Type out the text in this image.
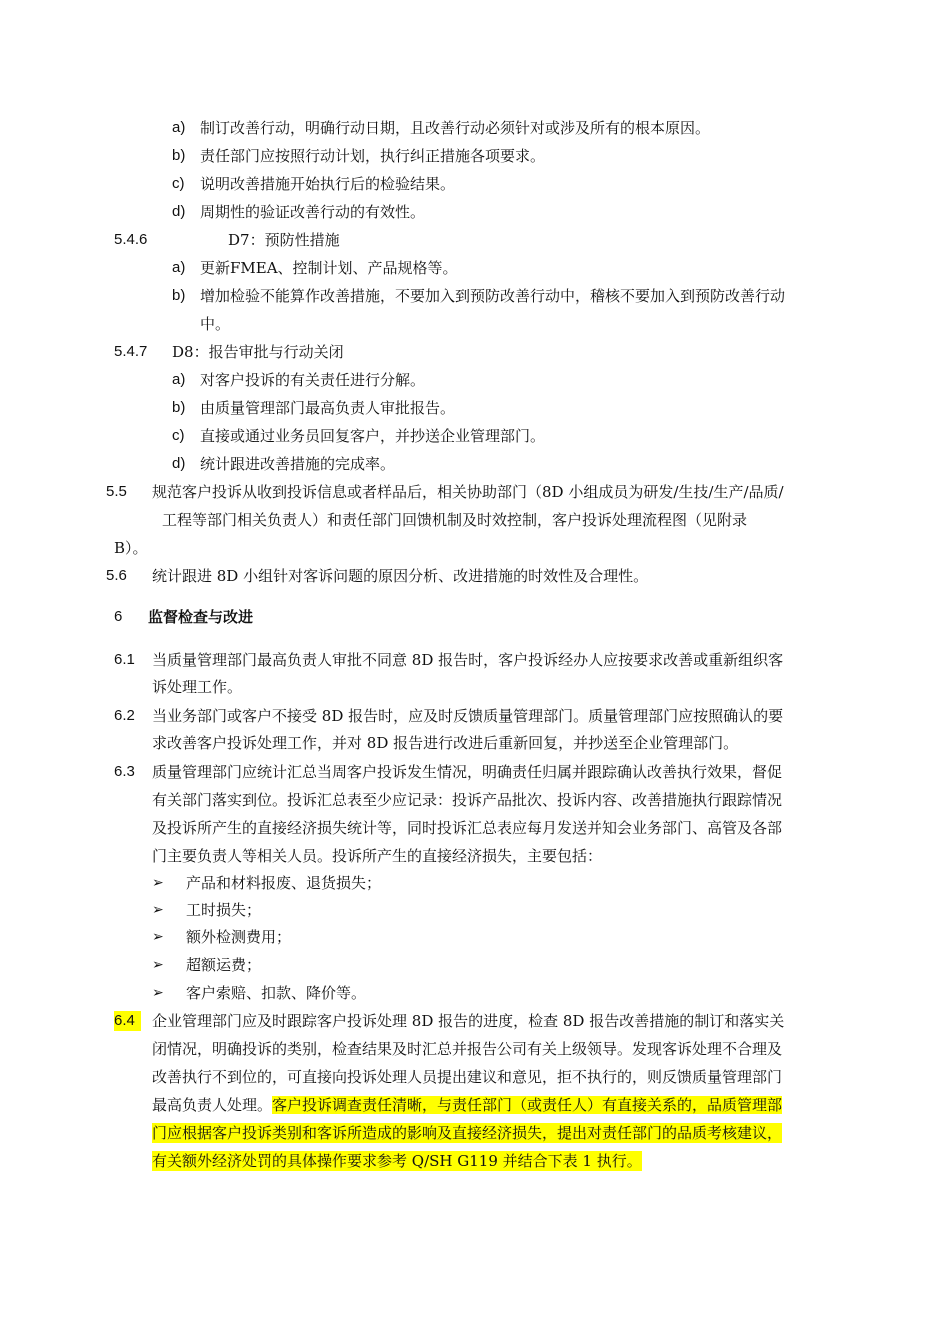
a) 制订改善行动，明确行动日期，且改善行动必须针对或涉及所有的根本原因。
b) 责任部门应按照行动计划，执行纠正措施各项要求。
c) 说明改善措施开始执行后的检验结果。
d) 周期性的验证改善行动的有效性。
5.4.6	D7：预防性措施
a) 更新FMEA、控制计划、产品规格等。
b) 增加检验不能算作改善措施，不要加入到预防改善行动中，稽核不要加入到预防改善行动
中。
5.4.7 D8：报告审批与行动关闭
a) 对客户投诉的有关责任进行分解。
b) 由质量管理部门最高负责人审批报告。
c) 直接或通过业务员回复客户，并抄送企业管理部门。
d) 统计跟进改善措施的完成率。
5.5 规范客户投诉从收到投诉信息或者样品后，相关协助部门（8D 小组成员为研发/生技/生产/品质/
工程等部门相关负责人）和责任部门回馈机制及时效控制，客户投诉处理流程图（见附录
B）。
5.6 统计跟进 8D 小组针对客诉问题的原因分析、改进措施的时效性及合理性。
6 监督检查与改进
6.1 当质量管理部门最高负责人审批不同意 8D 报告时，客户投诉经办人应按要求改善或重新组织客
诉处理工作。
6.2 当业务部门或客户不接受 8D 报告时，应及时反馈质量管理部门。质量管理部门应按照确认的要
求改善客户投诉处理工作，并对 8D 报告进行改进后重新回复，并抄送至企业管理部门。
6.3 质量管理部门应统计汇总当周客户投诉发生情况，明确责任归属并跟踪确认改善执行效果，督促
有关部门落实到位。投诉汇总表至少应记录：投诉产品批次、投诉内容、改善措施执行跟踪情况
及投诉所产生的直接经济损失统计等，同时投诉汇总表应每月发送并知会业务部门、高管及各部
门主要负责人等相关人员。投诉所产生的直接经济损失，主要包括：
➢ 产品和材料报废、退货损失；
➢ 工时损失；
➢ 额外检测费用；
➢ 超额运费；
➢ 客户索赔、扣款、降价等。
6.4	企业管理部门应及时跟踪客户投诉处理 8D 报告的进度，检查 8D 报告改善措施的制订和落实关
闭情况，明确投诉的类别，检查结果及时汇总并报告公司有关上级领导。发现客诉处理不合理及
改善执行不到位的，可直接向投诉处理人员提出建议和意见，拒不执行的，则反馈质量管理部门
最高负责人处理。客户投诉调查责任清晰，与责任部门（或责任人）有直接关系的，品质管理部
门应根据客户投诉类别和客诉所造成的影响及直接经济损失，提出对责任部门的品质考核建议，
有关额外经济处罚的具体操作要求参考 Q/SH G119 并结合下表 1 执行。
